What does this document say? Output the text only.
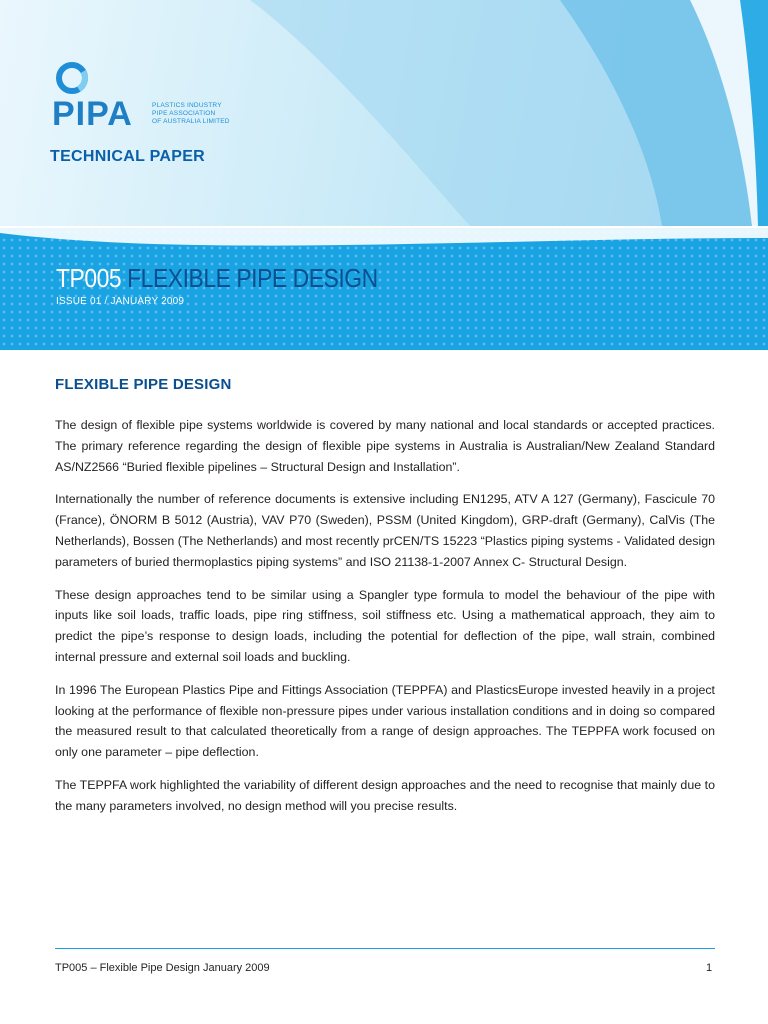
PIPA	PLASTICS INDUSTRY
PIPE ASSOCIATION
OF AUSTRALIA LIMITED
TECHNICAL PAPER
TP005 FLEXIBLE PIPE DESIGN
ISSUE 01 / JANUARY 2009
FLEXIBLE PIPE DESIGN

The design of flexible pipe systems worldwide is covered by many national and local standards or accepted practices. The primary reference regarding the design of flexible pipe systems in Australia is Australian/New Zealand Standard AS/NZ2566 “Buried flexible pipelines – Structural Design and Installation”.

Internationally the number of reference documents is extensive including EN1295, ATV A 127 (Germany), Fascicule 70 (France), ÖNORM B 5012 (Austria), VAV P70 (Sweden), PSSM (United Kingdom), GRP-draft (Germany), CalVis (The Netherlands), Bossen (The Netherlands) and most recently prCEN/TS 15223 “Plastics piping systems - Validated design parameters of buried thermoplastics piping systems” and ISO 21138-1-2007 Annex C- Structural Design.

These design approaches tend to be similar using a Spangler type formula to model the behaviour of the pipe with inputs like soil loads, traffic loads, pipe ring stiffness, soil stiffness etc. Using a mathematical approach, they aim to predict the pipe’s response to design loads, including the potential for deflection of the pipe, wall strain, combined internal pressure and external soil loads and buckling.

In 1996 The European Plastics Pipe and Fittings Association (TEPPFA) and PlasticsEurope invested heavily in a project looking at the performance of flexible non-pressure pipes under various installation conditions and in doing so compared the measured result to that calculated theoretically from a range of design approaches. The TEPPFA work focused on only one parameter – pipe deflection.

The TEPPFA work highlighted the variability of different design approaches and the need to recognise that mainly due to the many parameters involved, no design method will you precise results.

TP005 – Flexible Pipe Design January 2009	1
